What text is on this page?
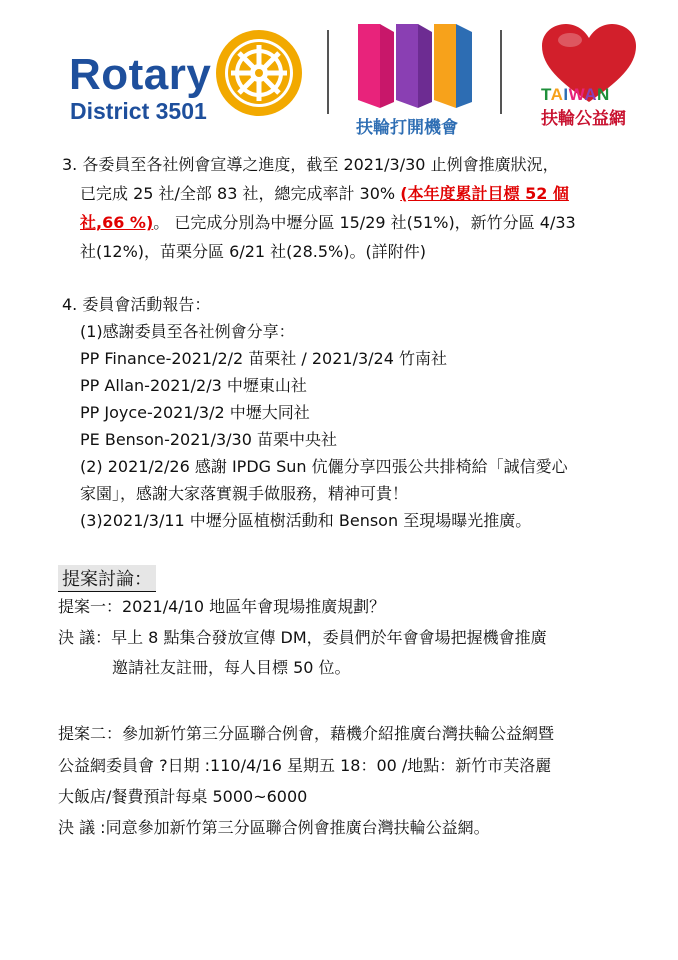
Rotary
District 3501
ROTARY
扶輪打開機會
TAIWAN
扶輪公益網
3. 各委員至各社例會宣導之進度，截至 2021/3/30 止例會推廣狀況，
已完成 25 社/全部 83 社，總完成率計 30% (本年度累計目標 52 個
社,66 %)。 已完成分別為中壢分區 15/29 社(51%)，新竹分區 4/33
社(12%)，苗栗分區 6/21 社(28.5%)。(詳附件)
4. 委員會活動報告：
(1)感謝委員至各社例會分享：
PP Finance-2021/2/2 苗栗社 / 2021/3/24 竹南社
PP Allan-2021/2/3 中壢東山社
PP Joyce-2021/3/2 中壢大同社
PE Benson-2021/3/30 苗栗中央社
(2) 2021/2/26 感謝 IPDG Sun 伉儷分享四張公共排椅給「誠信愛心
家園」，感謝大家落實親手做服務，精神可貴！
(3)2021/3/11 中壢分區植樹活動和 Benson 至現場曝光推廣。
提案討論：
提案一：2021/4/10 地區年會現場推廣規劃？
決 議：早上 8 點集合發放宣傳 DM，委員們於年會會場把握機會推廣
邀請社友註冊，每人目標 50 位。
提案二：參加新竹第三分區聯合例會，藉機介紹推廣台灣扶輪公益網暨
公益網委員會 ?日期 :110/4/16 星期五 18：00 /地點：新竹市芙洛麗
大飯店/餐費預計每桌 5000~6000
決 議 :同意參加新竹第三分區聯合例會推廣台灣扶輪公益網。
